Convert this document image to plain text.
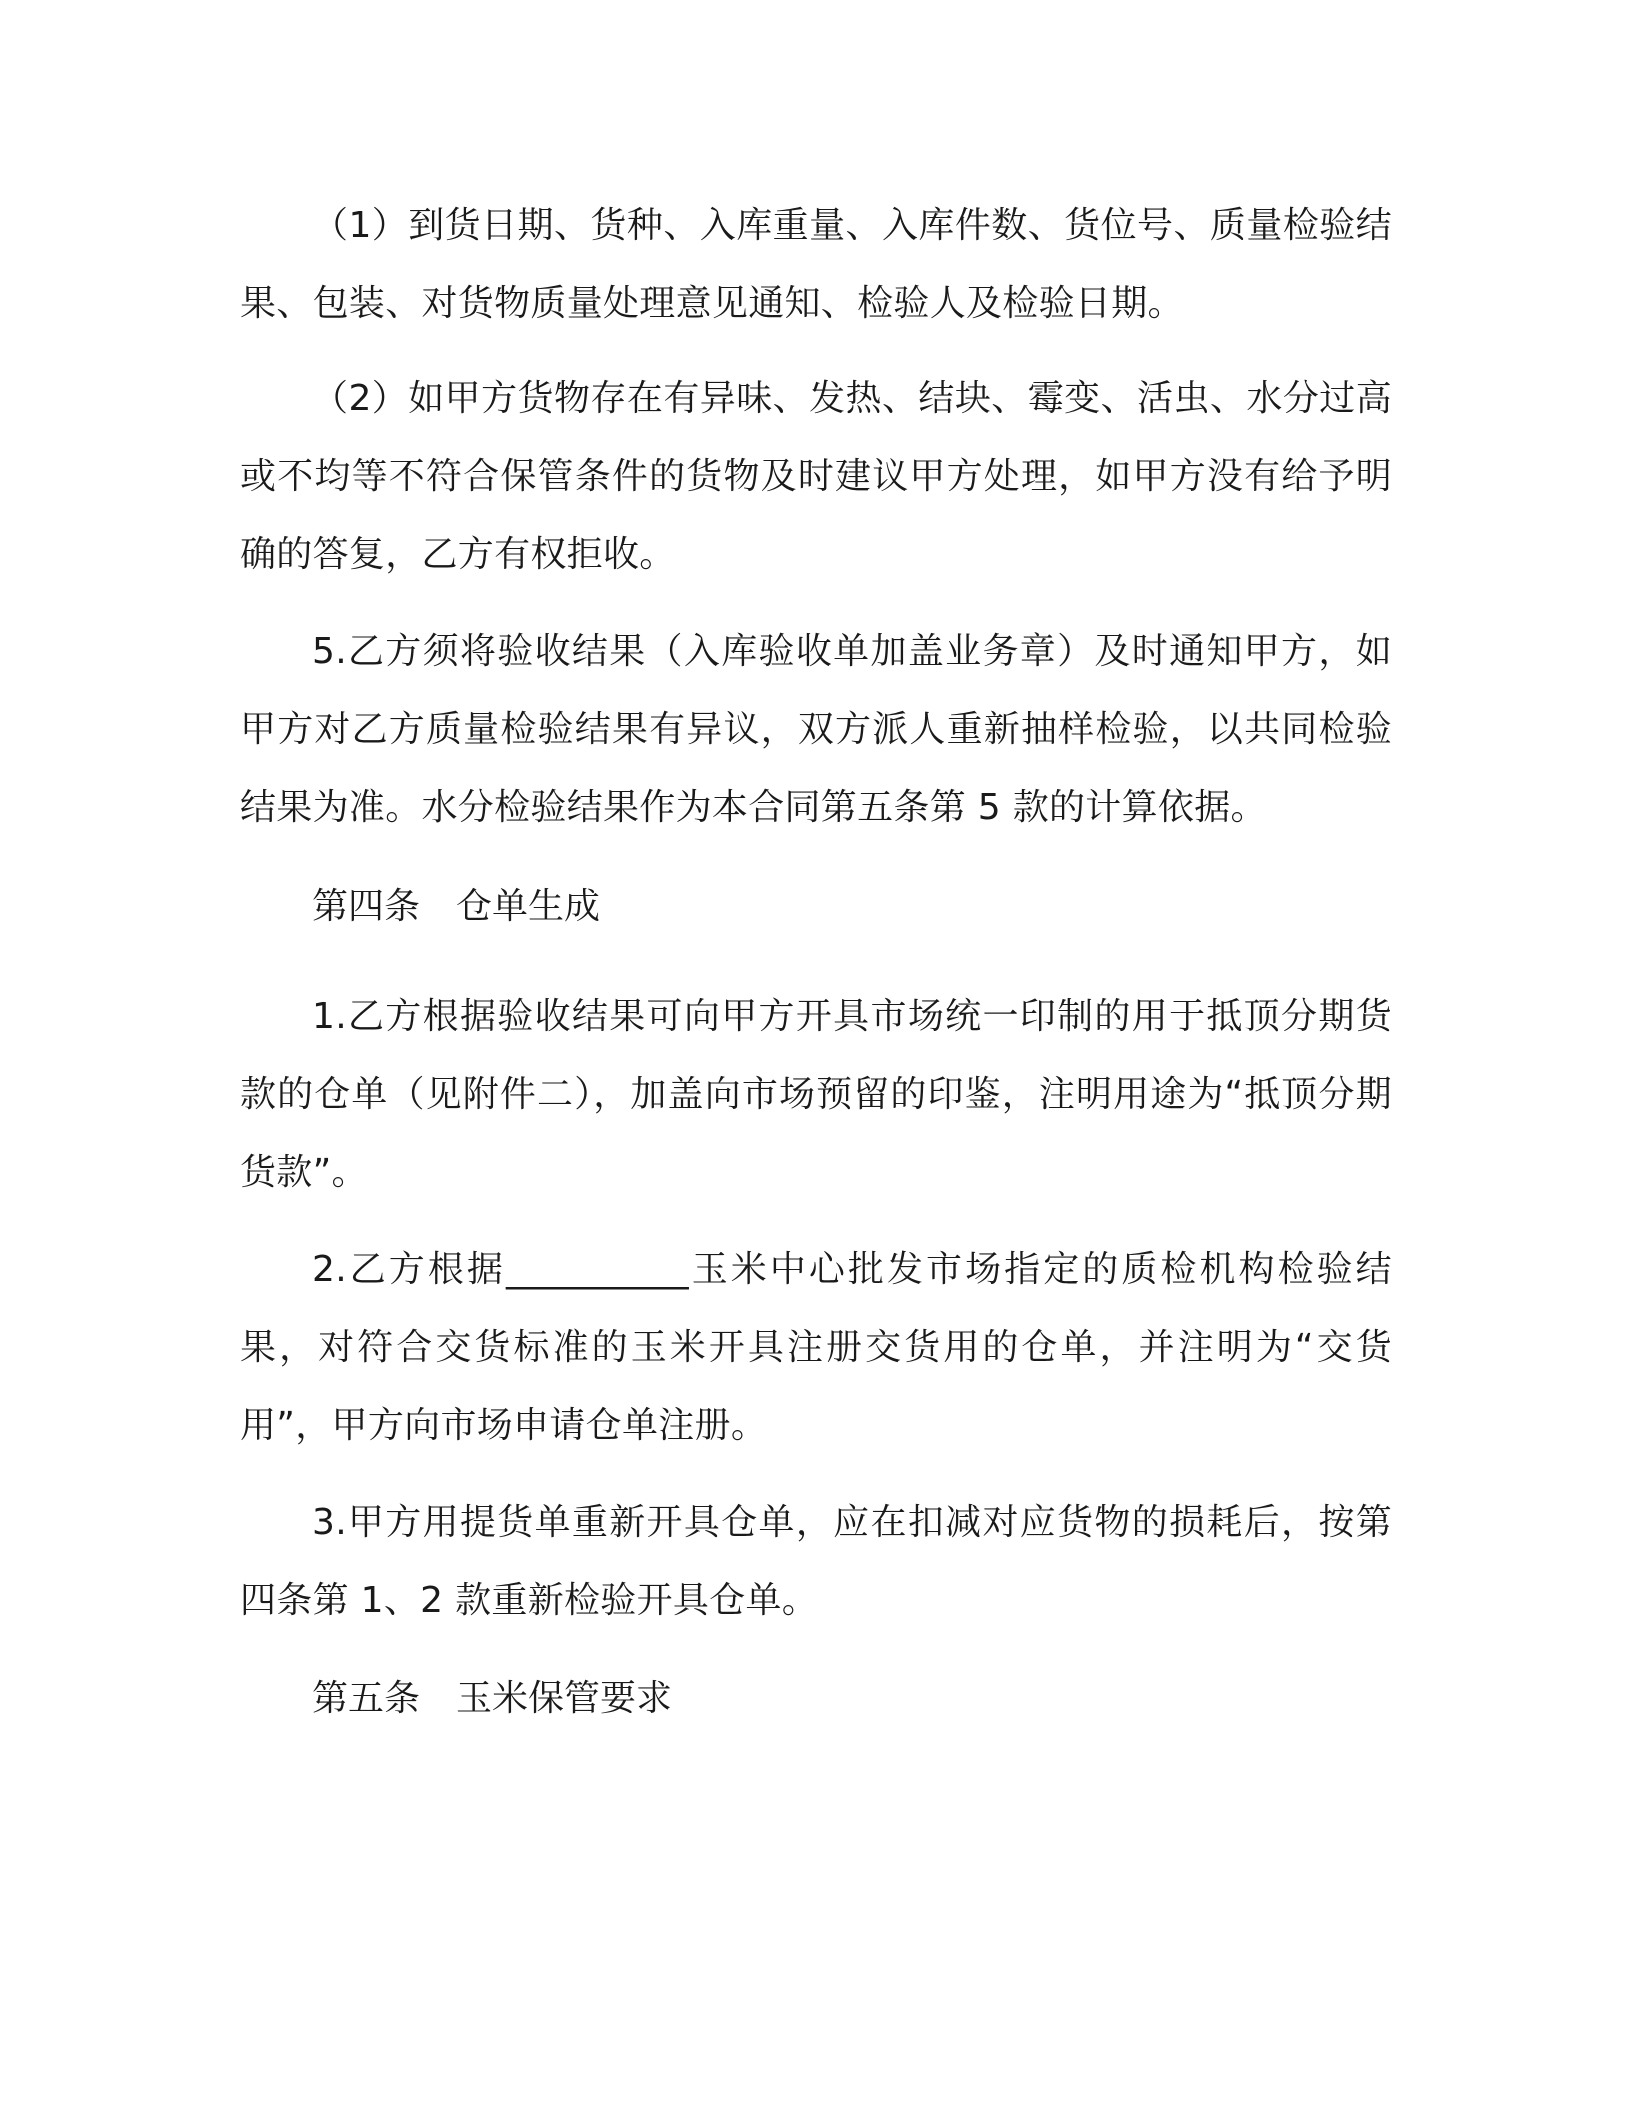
（1）到货日期、货种、入库重量、入库件数、货位号、质量检验结果、包装、对货物质量处理意见通知、检验人及检验日期。

（2）如甲方货物存在有异味、发热、结块、霉变、活虫、水分过高或不均等不符合保管条件的货物及时建议甲方处理，如甲方没有给予明确的答复，乙方有权拒收。

5.乙方须将验收结果（入库验收单加盖业务章）及时通知甲方，如甲方对乙方质量检验结果有异议，双方派人重新抽样检验，以共同检验结果为准。水分检验结果作为本合同第五条第 5 款的计算依据。

第四条　仓单生成

1.乙方根据验收结果可向甲方开具市场统一印制的用于抵顶分期货款的仓单（见附件二），加盖向市场预留的印鉴，注明用途为“抵顶分期货款”。

2.乙方根据__________玉米中心批发市场指定的质检机构检验结果，对符合交货标准的玉米开具注册交货用的仓单，并注明为“交货用”，甲方向市场申请仓单注册。

3.甲方用提货单重新开具仓单，应在扣减对应货物的损耗后，按第四条第 1、2 款重新检验开具仓单。

第五条　玉米保管要求
